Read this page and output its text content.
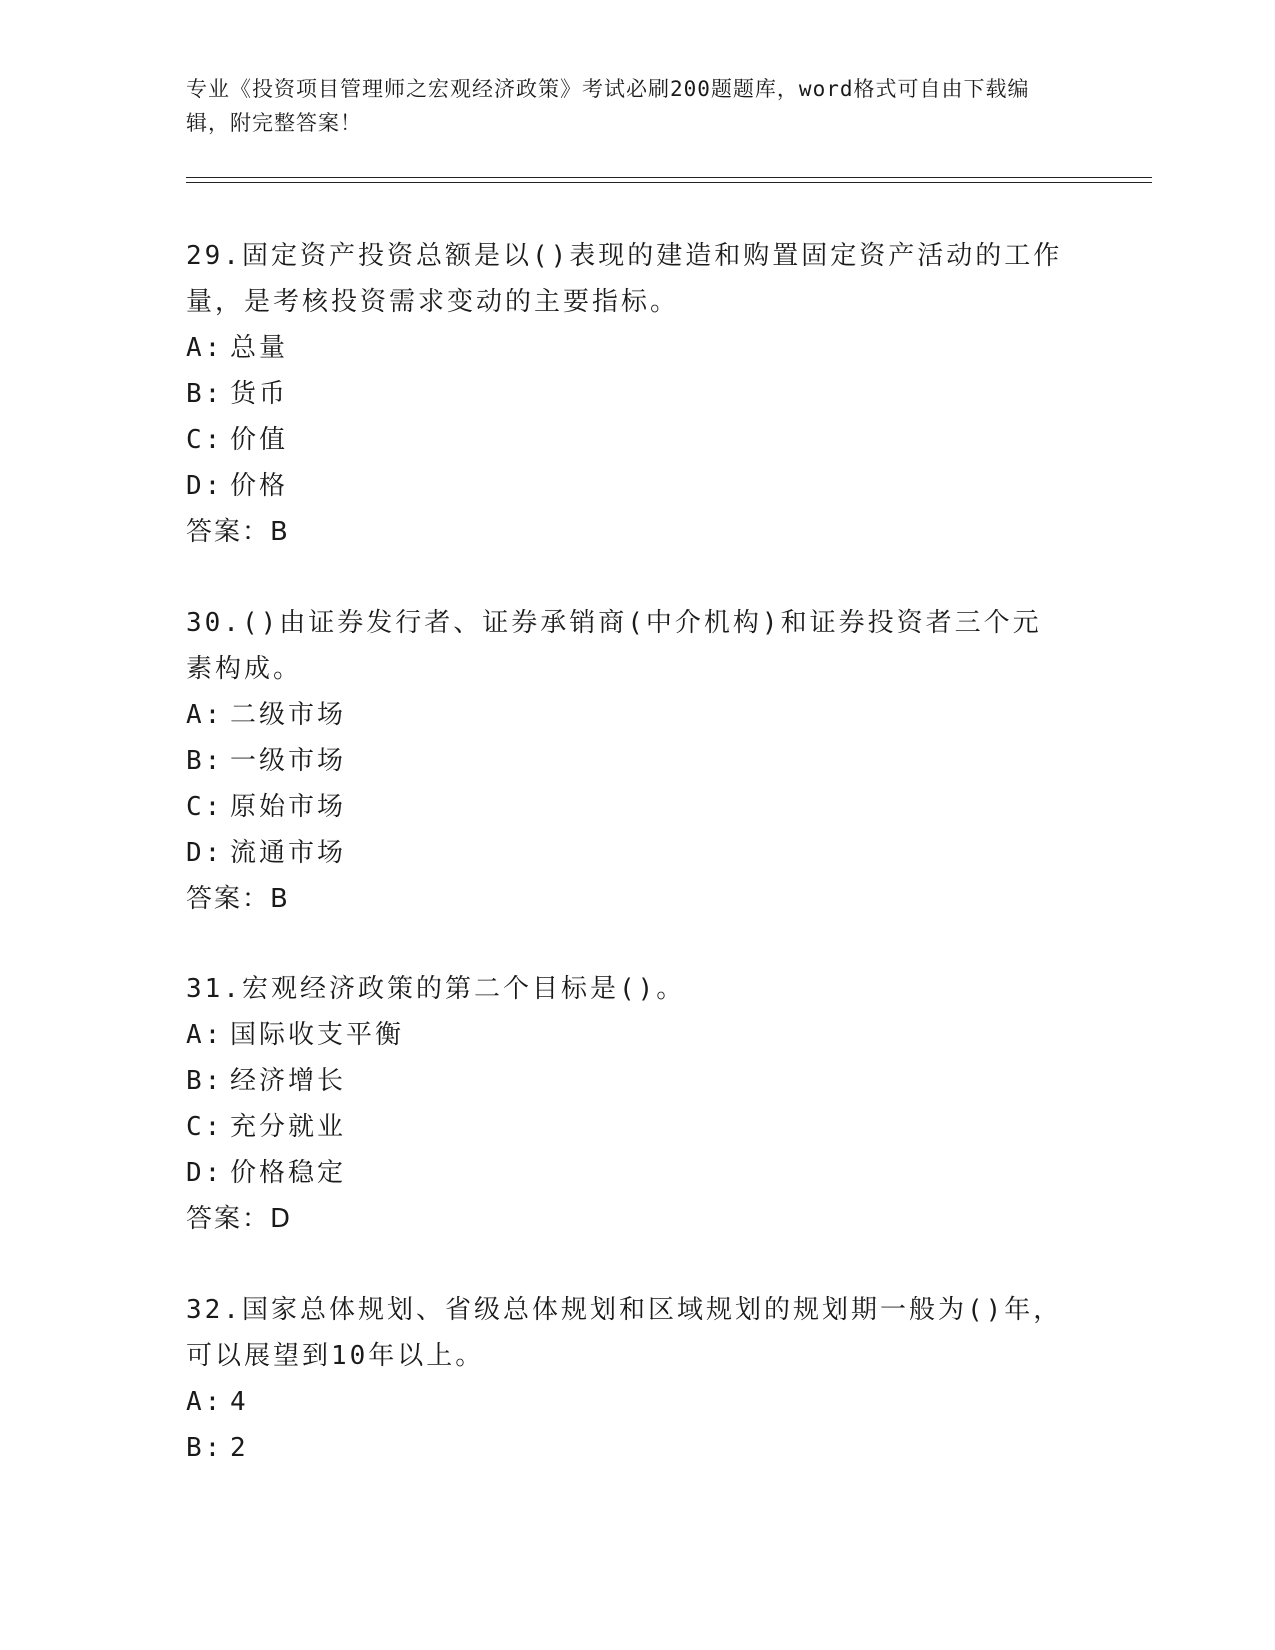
专业《投资项目管理师之宏观经济政策》考试必刷200题题库，word格式可自由下载编辑，附完整答案！

29.固定资产投资总额是以()表现的建造和购置固定资产活动的工作量，是考核投资需求变动的主要指标。

A: 总量

B: 货币

C: 价值

D: 价格

答案：B

30.()由证券发行者、证券承销商(中介机构)和证券投资者三个元素构成。

A: 二级市场

B: 一级市场

C: 原始市场

D: 流通市场

答案：B

31.宏观经济政策的第二个目标是()。

A: 国际收支平衡

B: 经济增长

C: 充分就业

D: 价格稳定

答案：D

32.国家总体规划、省级总体规划和区域规划的规划期一般为()年，可以展望到10年以上。

A: 4

B: 2
